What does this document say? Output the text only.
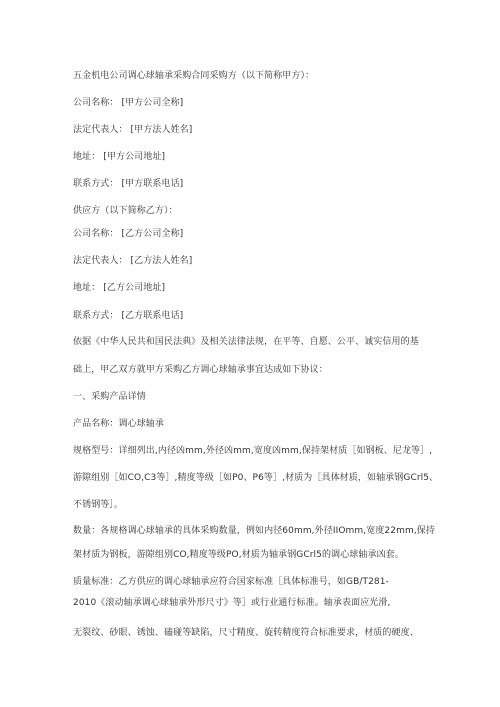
五金机电公司调心球轴承采购合同采购方（以下简称甲方）：
公司名称： [甲方公司全称]
法定代表人： [甲方法人姓名]
地址： [甲方公司地址]
联系方式： [甲方联系电话]
供应方（以下简称乙方）：
公司名称： [乙方公司全称]
法定代表人： [乙方法人姓名]
地址： [乙方公司地址]
联系方式： [乙方联系电话]
依据《中华人民共和国民法典》及相关法律法规，在平等、自愿、公平、诚实信用的基
础上，甲乙双方就甲方采购乙方调心球轴承事宜达成如下协议：
一、采购产品详情
产品名称：调心球轴承
规格型号：详细列出,内径凶mm,外径凶mm,宽度凶mm,保持架材质［如钢板、尼龙等］,
游隙组别［如CO,C3等］,精度等级［如P0、P6等］,材质为［具体材质，如轴承钢GCrl5、
不锈钢等］。
数量：各规格调心球轴承的具体采购数量，例如内径60mm,外径IIOmm,宽度22mm,保持
架材质为钢板，游隙组别CO,精度等级PO,材质为轴承钢GCrl5的调心球轴承凶套。
质量标准：乙方供应的调心球轴承应符合国家标准［具体标准号，如GB/T281-
2010《滚动轴承调心球轴承外形尺寸》等］或行业通行标准。轴承表面应光滑,
无裂纹、砂眼、锈蚀、磕碰等缺陷，尺寸精度、旋转精度符合标准要求，材质的硬度、
